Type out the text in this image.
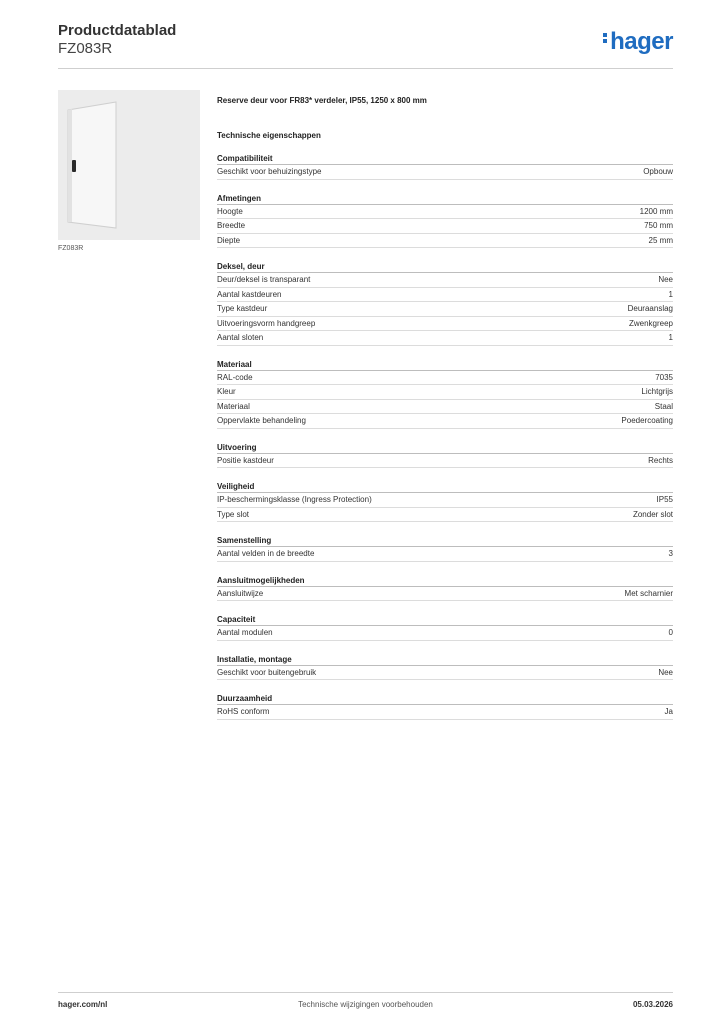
Productdatablad
FZ083R	hager
FZ083R
Reserve deur voor FR83* verdeler, IP55, 1250 x 800 mm
Technische eigenschappen
Compatibiliteit
Geschikt voor behuizingstype	Opbouw
Afmetingen
Hoogte	1200 mm
Breedte	750 mm
Diepte	25 mm
Deksel, deur
Deur/deksel is transparant	Nee
Aantal kastdeuren	1
Type kastdeur	Deuraanslag
Uitvoeringsvorm handgreep	Zwenkgreep
Aantal sloten	1
Materiaal
RAL-code	7035
Kleur	Lichtgrijs
Materiaal	Staal
Oppervlakte behandeling	Poedercoating
Uitvoering
Positie kastdeur	Rechts
Veiligheid
IP-beschermingsklasse (Ingress Protection)	IP55
Type slot	Zonder slot
Samenstelling
Aantal velden in de breedte	3
Aansluitmogelijkheden
Aansluitwijze	Met scharnier
Capaciteit
Aantal modulen	0
Installatie, montage
Geschikt voor buitengebruik	Nee
Duurzaamheid
RoHS conform	Ja
hager.com/nl	Technische wijzigingen voorbehouden	05.03.2026
